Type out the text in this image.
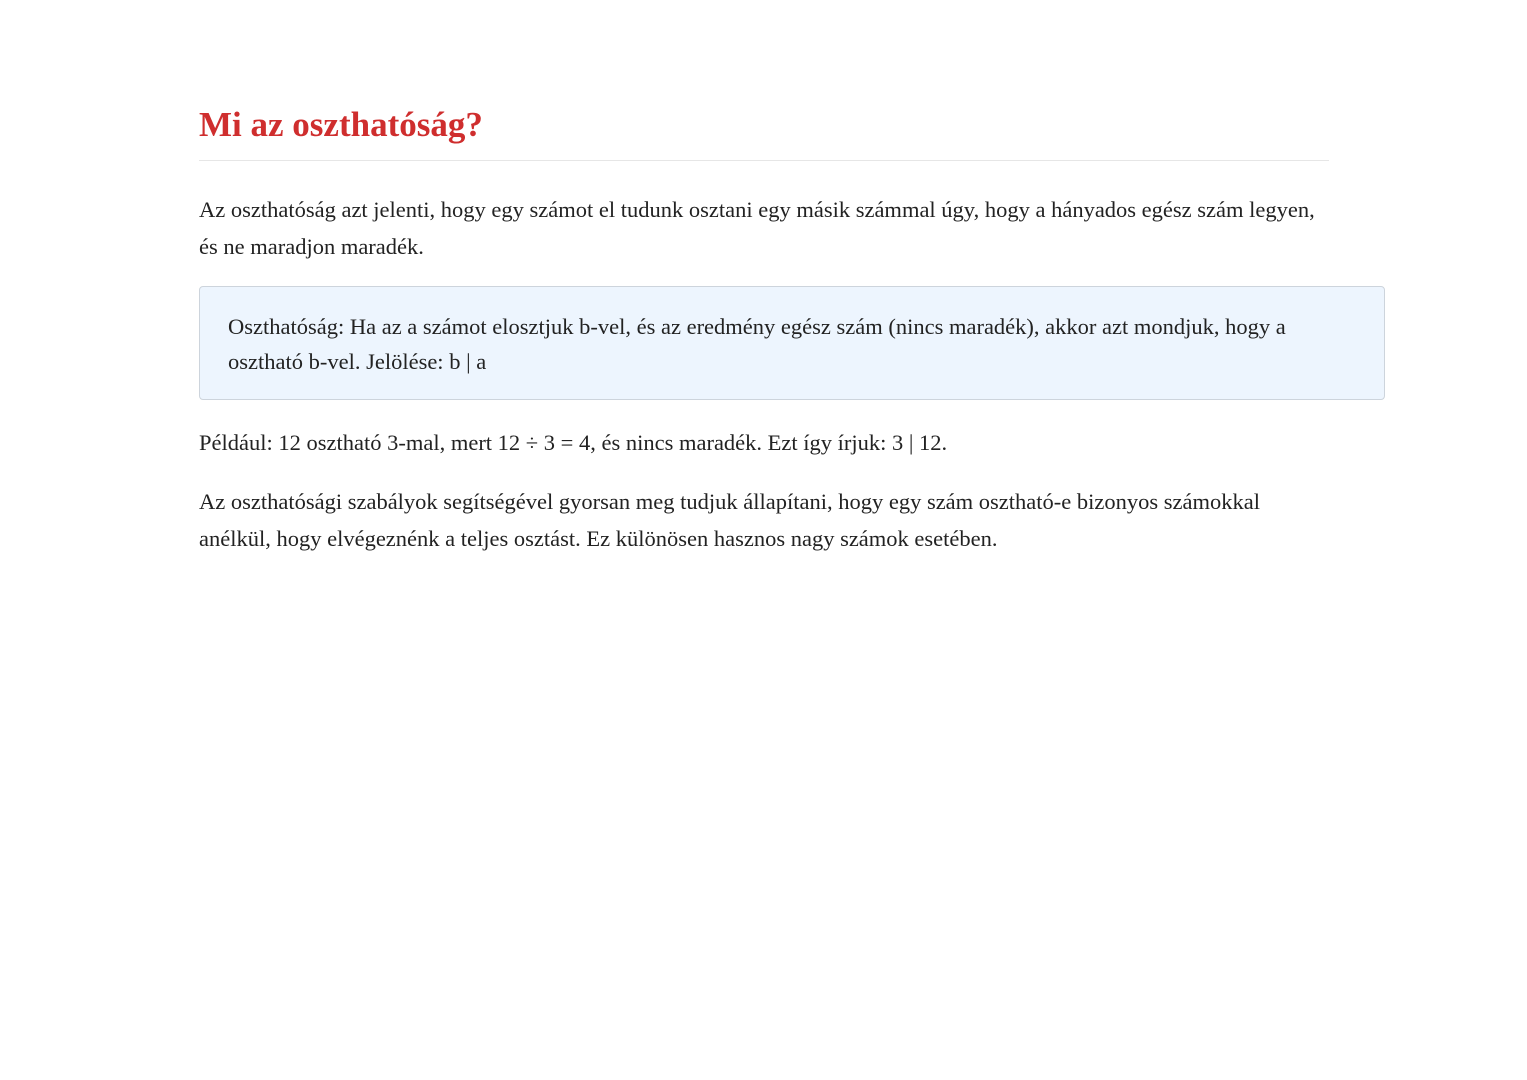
Mi az oszthatóság?

Az oszthatóság azt jelenti, hogy egy számot el tudunk osztani egy másik számmal úgy, hogy a hányados egész szám legyen, és ne maradjon maradék.

Oszthatóság: Ha az a számot elosztjuk b-vel, és az eredmény egész szám (nincs maradék), akkor azt mondjuk, hogy a osztható b-vel. Jelölése: b | a

Például: 12 osztható 3-mal, mert 12 ÷ 3 = 4, és nincs maradék. Ezt így írjuk: 3 | 12.

Az oszthatósági szabályok segítségével gyorsan meg tudjuk állapítani, hogy egy szám osztható-e bizonyos számokkal anélkül, hogy elvégeznénk a teljes osztást. Ez különösen hasznos nagy számok esetében.
